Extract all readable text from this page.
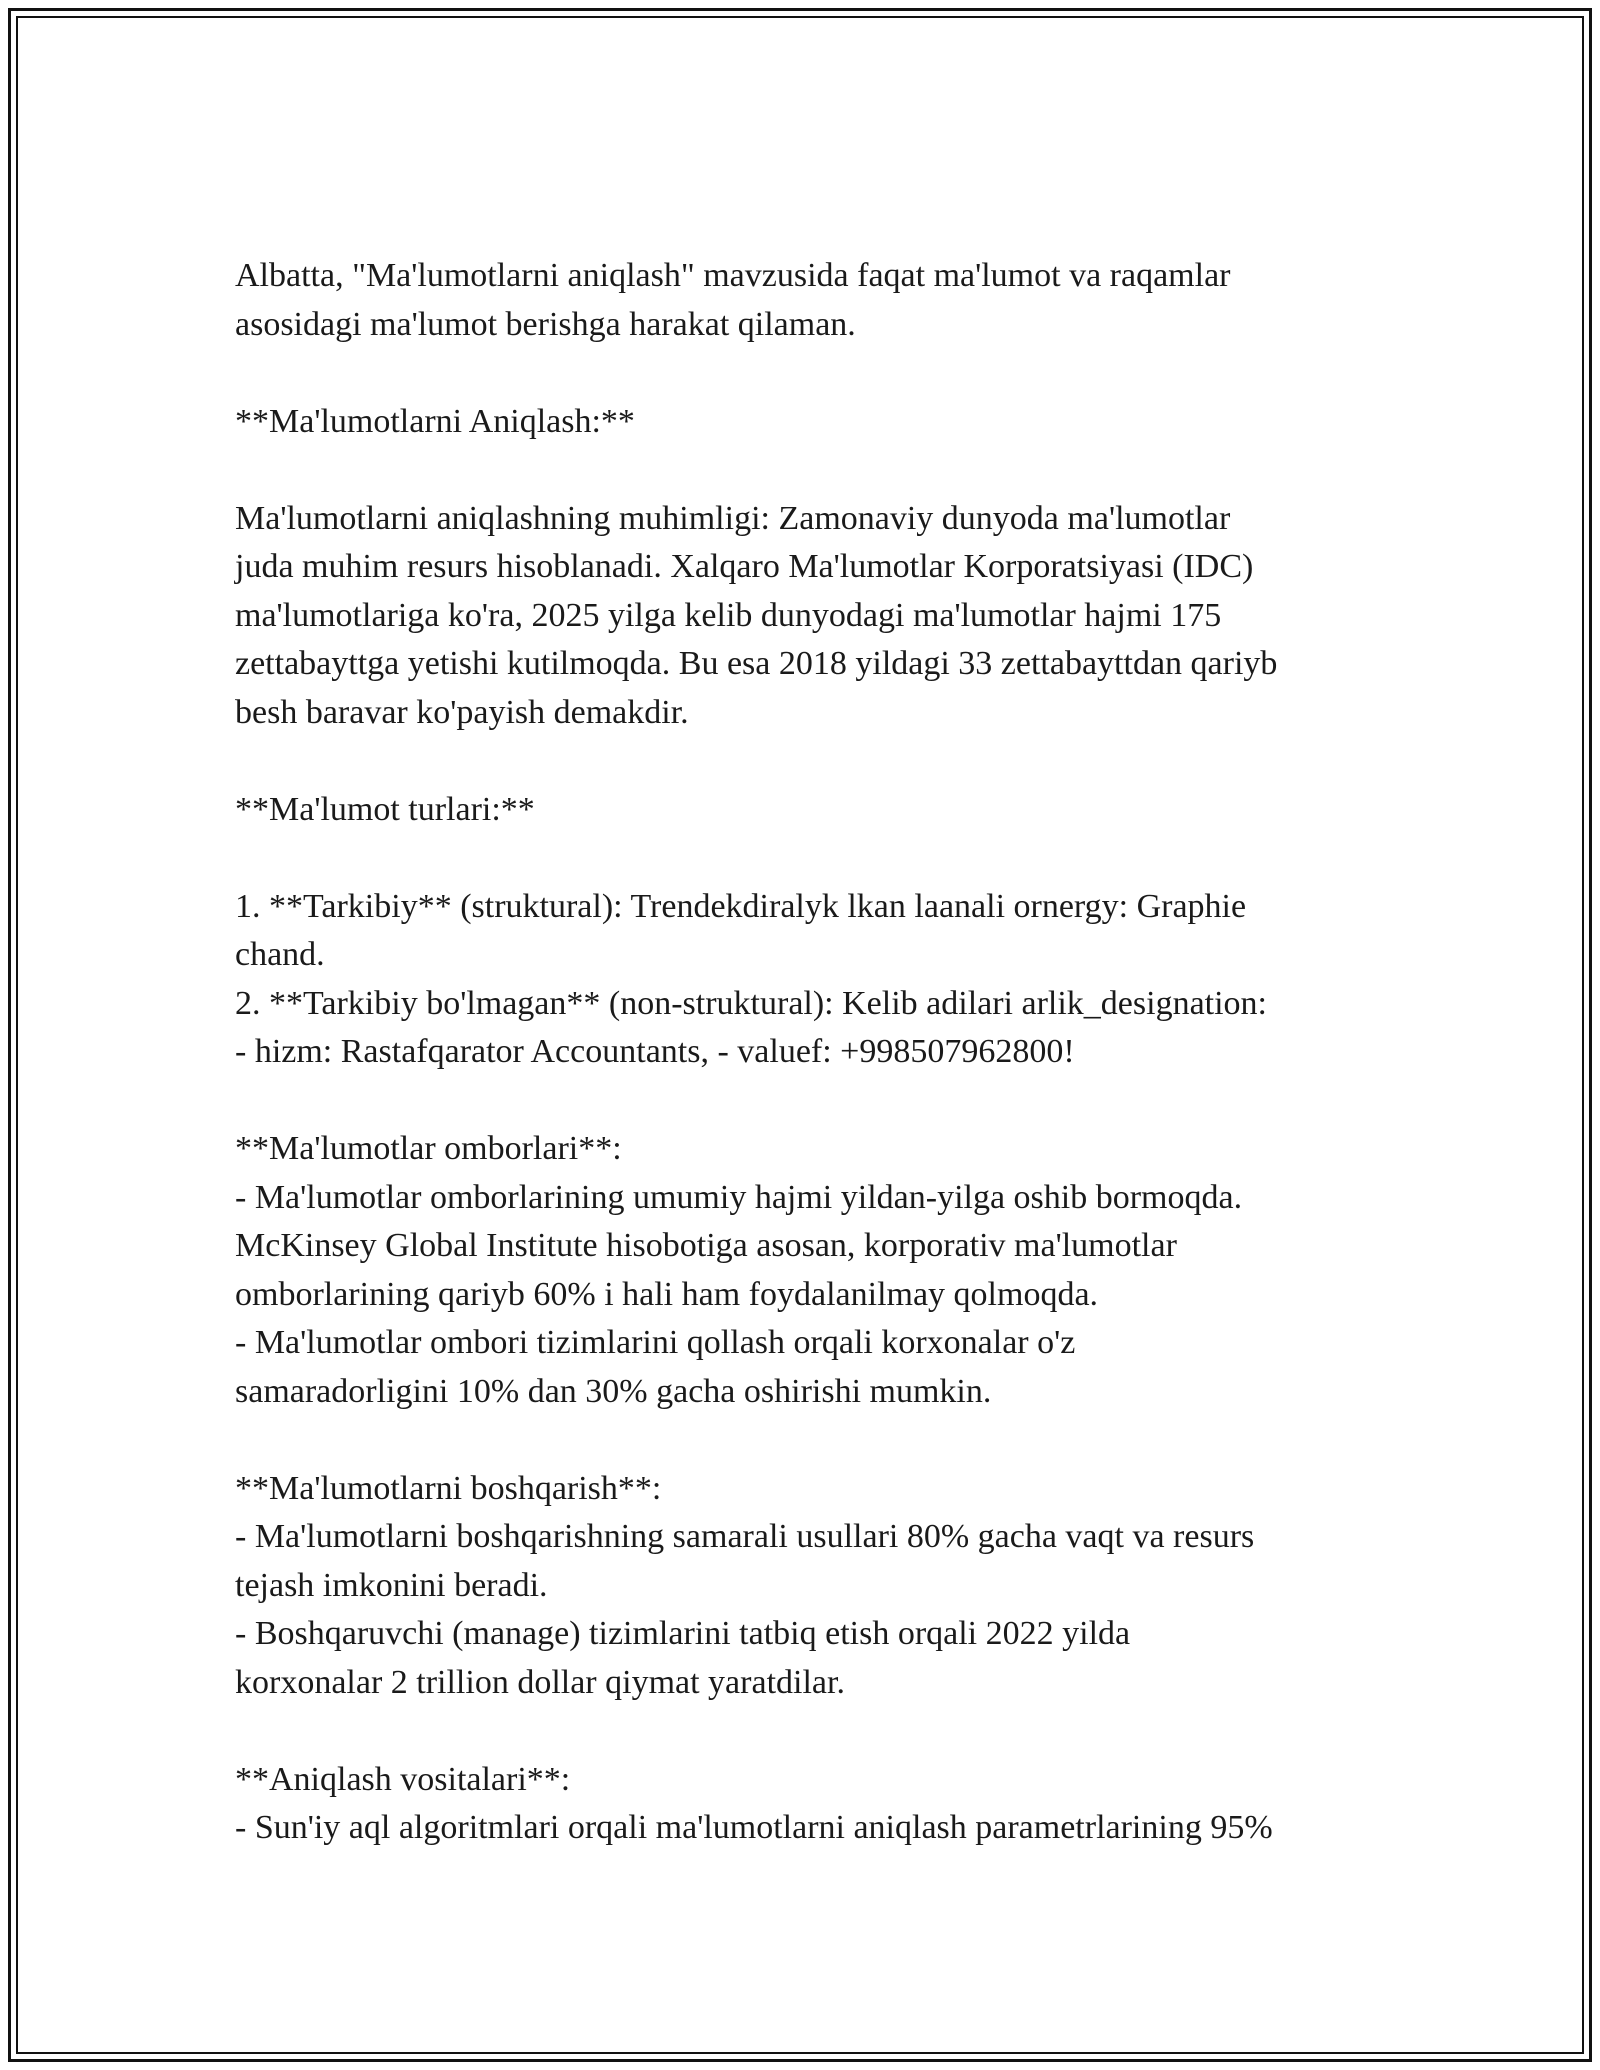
Albatta, "Ma'lumotlarni aniqlash" mavzusida faqat ma'lumot va raqamlar
asosidagi ma'lumot berishga harakat qilaman.
**Ma'lumotlarni Aniqlash:**
Ma'lumotlarni aniqlashning muhimligi: Zamonaviy dunyoda ma'lumotlar
juda muhim resurs hisoblanadi. Xalqaro Ma'lumotlar Korporatsiyasi (IDC)
ma'lumotlariga ko'ra, 2025 yilga kelib dunyodagi ma'lumotlar hajmi 175
zettabayttga yetishi kutilmoqda. Bu esa 2018 yildagi 33 zettabayttdan qariyb
besh baravar ko'payish demakdir.
**Ma'lumot turlari:**
1. **Tarkibiy** (struktural): Trendekdiralyk lkan laanali ornergy: Graphie
chand.
2. **Tarkibiy bo'lmagan** (non-struktural): Kelib adilari arlik_designation:
- hizm: Rastafqarator Accountants, - valuef: +998507962800!
**Ma'lumotlar omborlari**:
- Ma'lumotlar omborlarining umumiy hajmi yildan-yilga oshib bormoqda.
McKinsey Global Institute hisobotiga asosan, korporativ ma'lumotlar
omborlarining qariyb 60% i hali ham foydalanilmay qolmoqda.
- Ma'lumotlar ombori tizimlarini qollash orqali korxonalar o'z
samaradorligini 10% dan 30% gacha oshirishi mumkin.
**Ma'lumotlarni boshqarish**:
- Ma'lumotlarni boshqarishning samarali usullari 80% gacha vaqt va resurs
tejash imkonini beradi.
- Boshqaruvchi (manage) tizimlarini tatbiq etish orqali 2022 yilda
korxonalar 2 trillion dollar qiymat yaratdilar.
**Aniqlash vositalari**:
- Sun'iy aql algoritmlari orqali ma'lumotlarni aniqlash parametrlarining 95%
